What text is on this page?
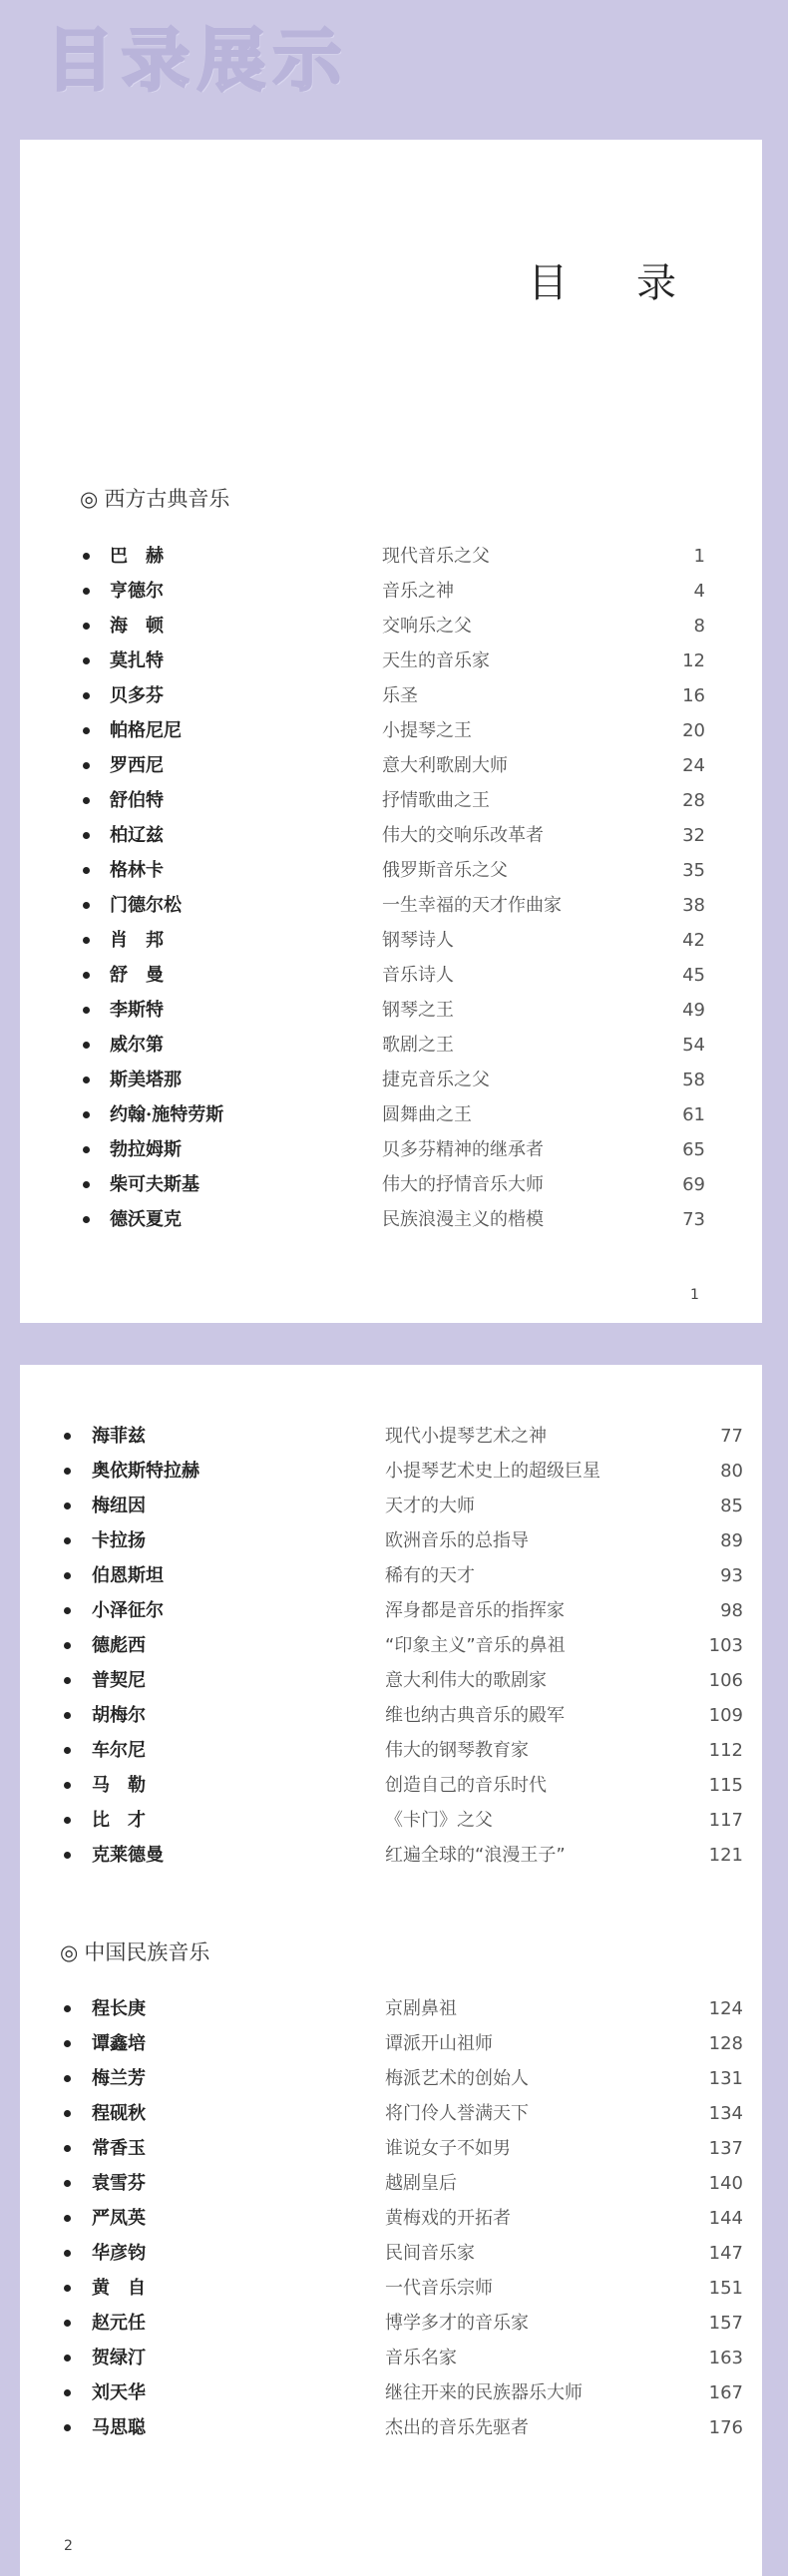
目录展示
目 录
◎ 西方古典音乐
巴　赫	现代音乐之父	1
亨德尔	音乐之神	4
海　顿	交响乐之父	8
莫扎特	天生的音乐家	12
贝多芬	乐圣	16
帕格尼尼	小提琴之王	20
罗西尼	意大利歌剧大师	24
舒伯特	抒情歌曲之王	28
柏辽兹	伟大的交响乐改革者	32
格林卡	俄罗斯音乐之父	35
门德尔松	一生幸福的天才作曲家	38
肖　邦	钢琴诗人	42
舒　曼	音乐诗人	45
李斯特	钢琴之王	49
威尔第	歌剧之王	54
斯美塔那	捷克音乐之父	58
约翰·施特劳斯	圆舞曲之王	61
勃拉姆斯	贝多芬精神的继承者	65
柴可夫斯基	伟大的抒情音乐大师	69
德沃夏克	民族浪漫主义的楷模	73
1
海菲兹	现代小提琴艺术之神	77
奥依斯特拉赫	小提琴艺术史上的超级巨星	80
梅纽因	天才的大师	85
卡拉扬	欧洲音乐的总指导	89
伯恩斯坦	稀有的天才	93
小泽征尔	浑身都是音乐的指挥家	98
德彪西	“印象主义”音乐的鼻祖	103
普契尼	意大利伟大的歌剧家	106
胡梅尔	维也纳古典音乐的殿军	109
车尔尼	伟大的钢琴教育家	112
马　勒	创造自己的音乐时代	115
比　才	《卡门》之父	117
克莱德曼	红遍全球的“浪漫王子”	121
◎ 中国民族音乐
程长庚	京剧鼻祖	124
谭鑫培	谭派开山祖师	128
梅兰芳	梅派艺术的创始人	131
程砚秋	将门伶人誉满天下	134
常香玉	谁说女子不如男	137
袁雪芬	越剧皇后	140
严凤英	黄梅戏的开拓者	144
华彦钧	民间音乐家	147
黄　自	一代音乐宗师	151
赵元任	博学多才的音乐家	157
贺绿汀	音乐名家	163
刘天华	继往开来的民族器乐大师	167
马思聪	杰出的音乐先驱者	176
2
